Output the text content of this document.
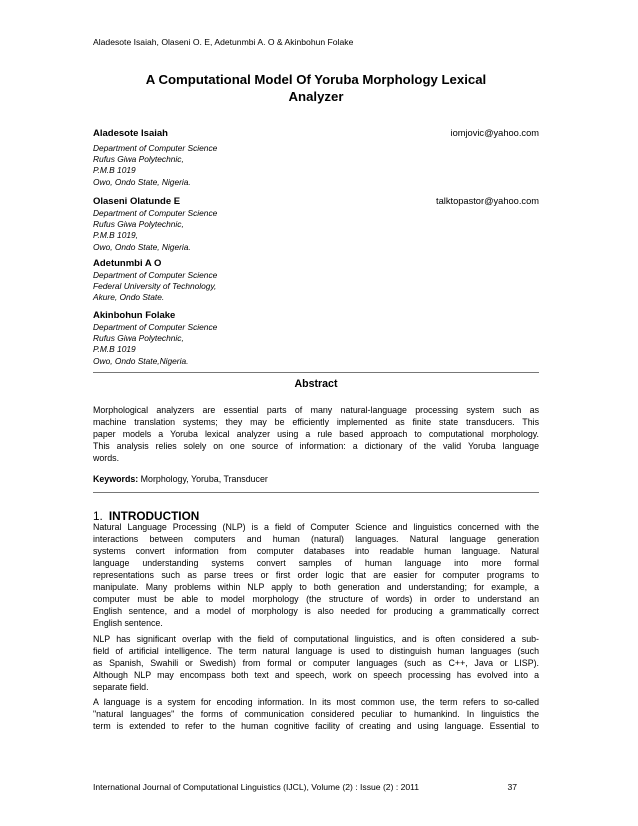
Aladesote Isaiah, Olaseni O. E, Adetunmbi A. O & Akinbohun Folake
A Computational Model Of Yoruba Morphology Lexical
Analyzer
Aladesote Isaiah	iomjovic@yahoo.com
Department of Computer Science
Rufus Giwa Polytechnic,
P.M.B 1019
Owo, Ondo State, Nigeria.
Olaseni Olatunde E	talktopastor@yahoo.com
Department of Computer Science
Rufus Giwa Polytechnic,
P.M.B 1019,
Owo, Ondo State, Nigeria.
Adetunmbi A O
Department of Computer Science
Federal University of Technology,
Akure, Ondo State.
Akinbohun Folake
Department of Computer Science
Rufus Giwa Polytechnic,
P.M.B 1019
Owo, Ondo State,Nigeria.
Abstract
Morphological analyzers are essential parts of many natural-language processing system such as
machine translation systems; they may be efficiently implemented as finite state transducers. This
paper models a Yoruba lexical analyzer using a rule based approach to computational morphology.
This analysis relies solely on one source of information: a dictionary of the valid Yoruba language
words.
Keywords: Morphology, Yoruba, Transducer
1. INTRODUCTION
Natural Language Processing (NLP) is a field of Computer Science and linguistics concerned with the
interactions between computers and human (natural) languages. Natural language generation
systems convert information from computer databases into readable human language. Natural
language understanding systems convert samples of human language into more formal
representations such as parse trees or first order logic that are easier for computer programs to
manipulate. Many problems within NLP apply to both generation and understanding; for example, a
computer must be able to model morphology (the structure of words) in order to understand an
English sentence, and a model of morphology is also needed for producing a grammatically correct
English sentence.
NLP has significant overlap with the field of computational linguistics, and is often considered a sub-
field of artificial intelligence. The term natural language is used to distinguish human languages (such
as Spanish, Swahili or Swedish) from formal or computer languages (such as C++, Java or LISP).
Although NLP may encompass both text and speech, work on speech processing has evolved into a
separate field.
A language is a system for encoding information. In its most common use, the term refers to so-called
"natural languages" the forms of communication considered peculiar to humankind. In linguistics the
term is extended to refer to the human cognitive facility of creating and using language. Essential to
International Journal of Computational Linguistics (IJCL), Volume (2) : Issue (2) : 2011	37
